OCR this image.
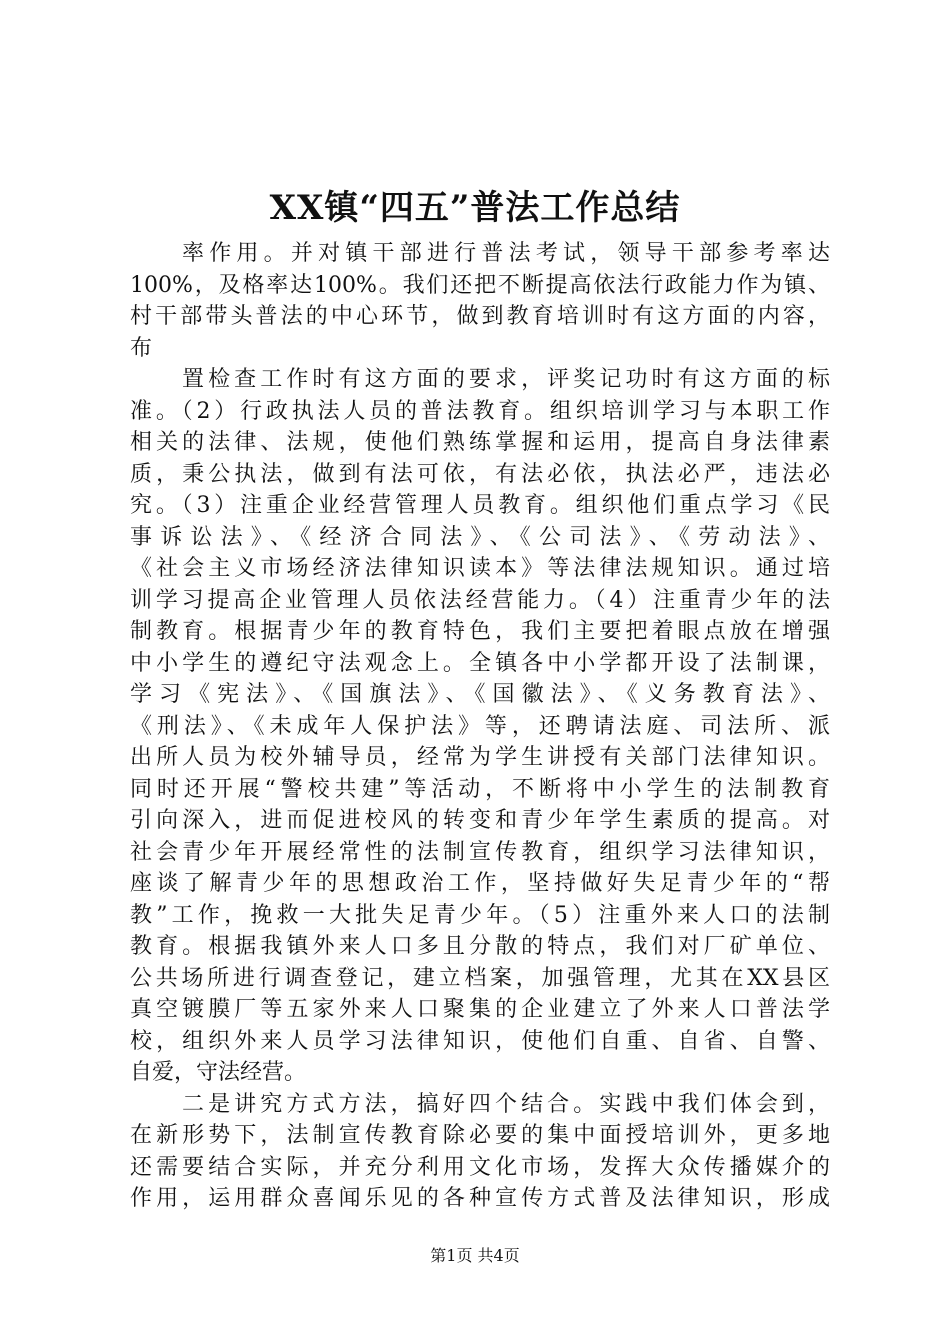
XX镇“四五”普法工作总结
率作用。并对镇干部进行普法考试，领导干部参考率达
100%，及格率达100%。我们还把不断提高依法行政能力作为镇、
村干部带头普法的中心环节，做到教育培训时有这方面的内容，
布
置检查工作时有这方面的要求，评奖记功时有这方面的标
准。（2）行政执法人员的普法教育。组织培训学习与本职工作
相关的法律、法规，使他们熟练掌握和运用，提高自身法律素
质，秉公执法，做到有法可依，有法必依，执法必严，违法必
究。（3）注重企业经营管理人员教育。组织他们重点学习《民
事诉讼法》、《经济合同法》、《公司法》、《劳动法》、
《社会主义市场经济法律知识读本》等法律法规知识。通过培
训学习提高企业管理人员依法经营能力。（4）注重青少年的法
制教育。根据青少年的教育特色，我们主要把着眼点放在增强
中小学生的遵纪守法观念上。全镇各中小学都开设了法制课，
学习《宪法》、《国旗法》、《国徽法》、《义务教育法》、
《刑法》、《未成年人保护法》等，还聘请法庭、司法所、派
出所人员为校外辅导员，经常为学生讲授有关部门法律知识。
同时还开展“警校共建”等活动，不断将中小学生的法制教育
引向深入，进而促进校风的转变和青少年学生素质的提高。对
社会青少年开展经常性的法制宣传教育，组织学习法律知识，
座谈了解青少年的思想政治工作，坚持做好失足青少年的“帮
教”工作，挽救一大批失足青少年。（5）注重外来人口的法制
教育。根据我镇外来人口多且分散的特点，我们对厂矿单位、
公共场所进行调查登记，建立档案，加强管理，尤其在XX县区
真空镀膜厂等五家外来人口聚集的企业建立了外来人口普法学
校，组织外来人员学习法律知识，使他们自重、自省、自警、
自爱，守法经营。
二是讲究方式方法，搞好四个结合。实践中我们体会到，
在新形势下，法制宣传教育除必要的集中面授培训外，更多地
还需要结合实际，并充分利用文化市场，发挥大众传播媒介的
作用，运用群众喜闻乐见的各种宣传方式普及法律知识，形成
第1页 共4页
